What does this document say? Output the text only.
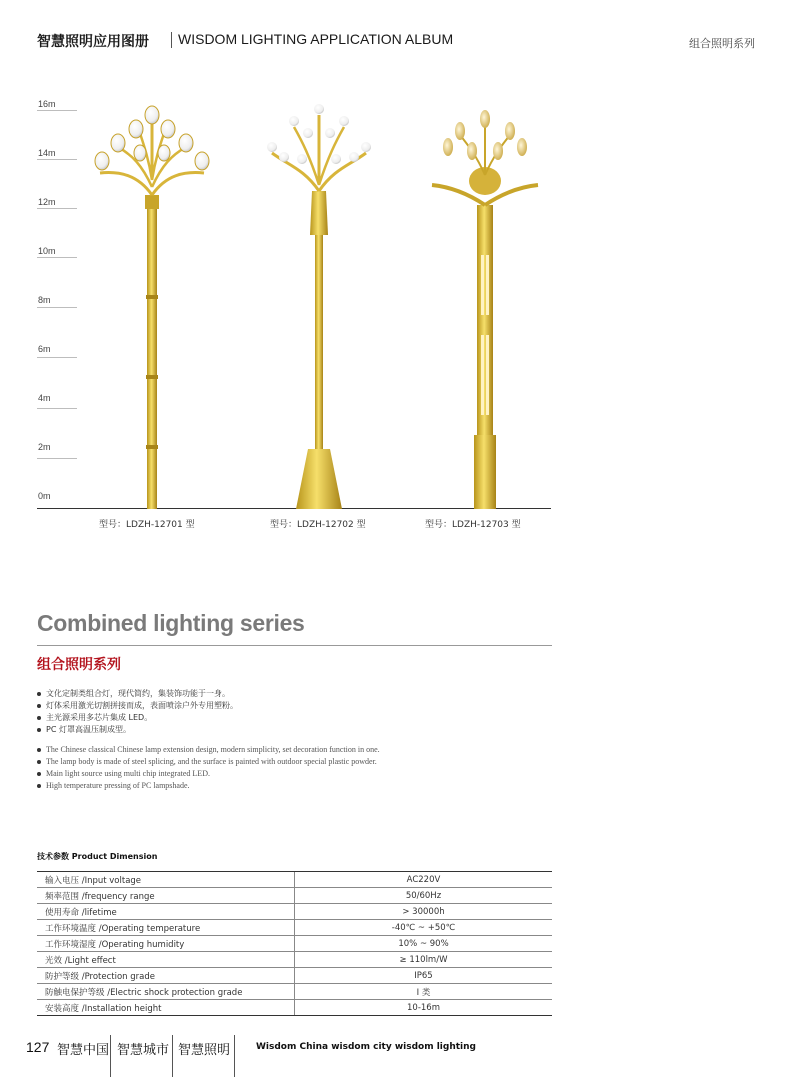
智慧照明应用图册 WISDOM LIGHTING APPLICATION ALBUM	组合照明系列
16m
14m
12m
10m
8m
6m
4m
2m
0m
型号：LDZH-12701 型	型号：LDZH-12702 型	型号：LDZH-12703 型
Combined lighting series
组合照明系列
文化定制类组合灯，现代简约，集装饰功能于一身。
灯体采用激光切割拼接而成，表面喷涂户外专用塑粉。
主光源采用多芯片集成 LED。
PC 灯罩高温压制成型。
The Chinese classical Chinese lamp extension design, modern simplicity, set decoration function in one.
The lamp body is made of steel splicing, and the surface is painted with outdoor special plastic powder.
Main light source using multi chip integrated LED.
High temperature pressing of PC lampshade.
技术参数 Product Dimension
输入电压 /Input voltage	AC220V
频率范围 /frequency range	50/60Hz
使用寿命 /lifetime	> 30000h
工作环境温度 /Operating temperature	-40℃ ~ +50℃
工作环境湿度 /Operating humidity	10% ~ 90%
光效 /Light effect	≥ 110lm/W
防护等级 /Protection grade	IP65
防触电保护等级 /Electric shock protection grade	I 类
安装高度 /Installation height	10-16m
127 智慧中国 智慧城市 智慧照明	Wisdom China wisdom city wisdom lighting
